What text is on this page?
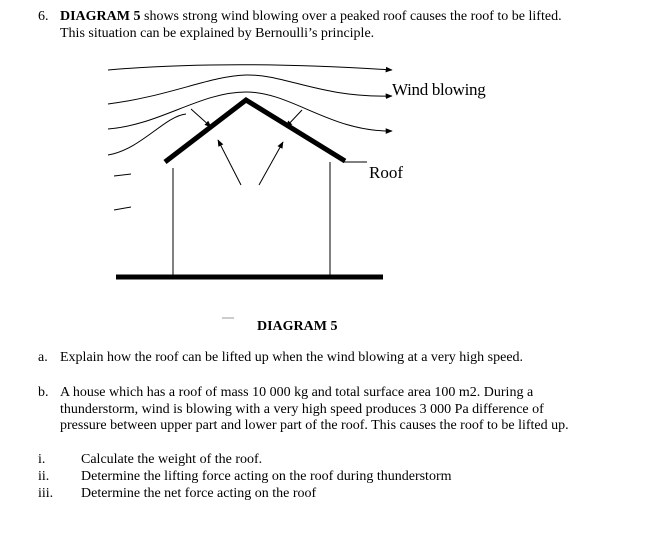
6. DIAGRAM 5 shows strong wind blowing over a peaked roof causes the roof to be lifted.
This situation can be explained by Bernoulli’s principle.
Wind blowing
Roof
DIAGRAM 5
a. Explain how the roof can be lifted up when the wind blowing at a very high speed.
b. A house which has a roof of mass 10 000 kg and total surface area 100 m2. During a thunderstorm, wind is blowing with a very high speed produces 3 000 Pa difference of pressure between upper part and lower part of the roof. This causes the roof to be lifted up.
i.	Calculate the weight of the roof.
ii. Determine the lifting force acting on the roof during thunderstorm
iii. Determine the net force acting on the roof
